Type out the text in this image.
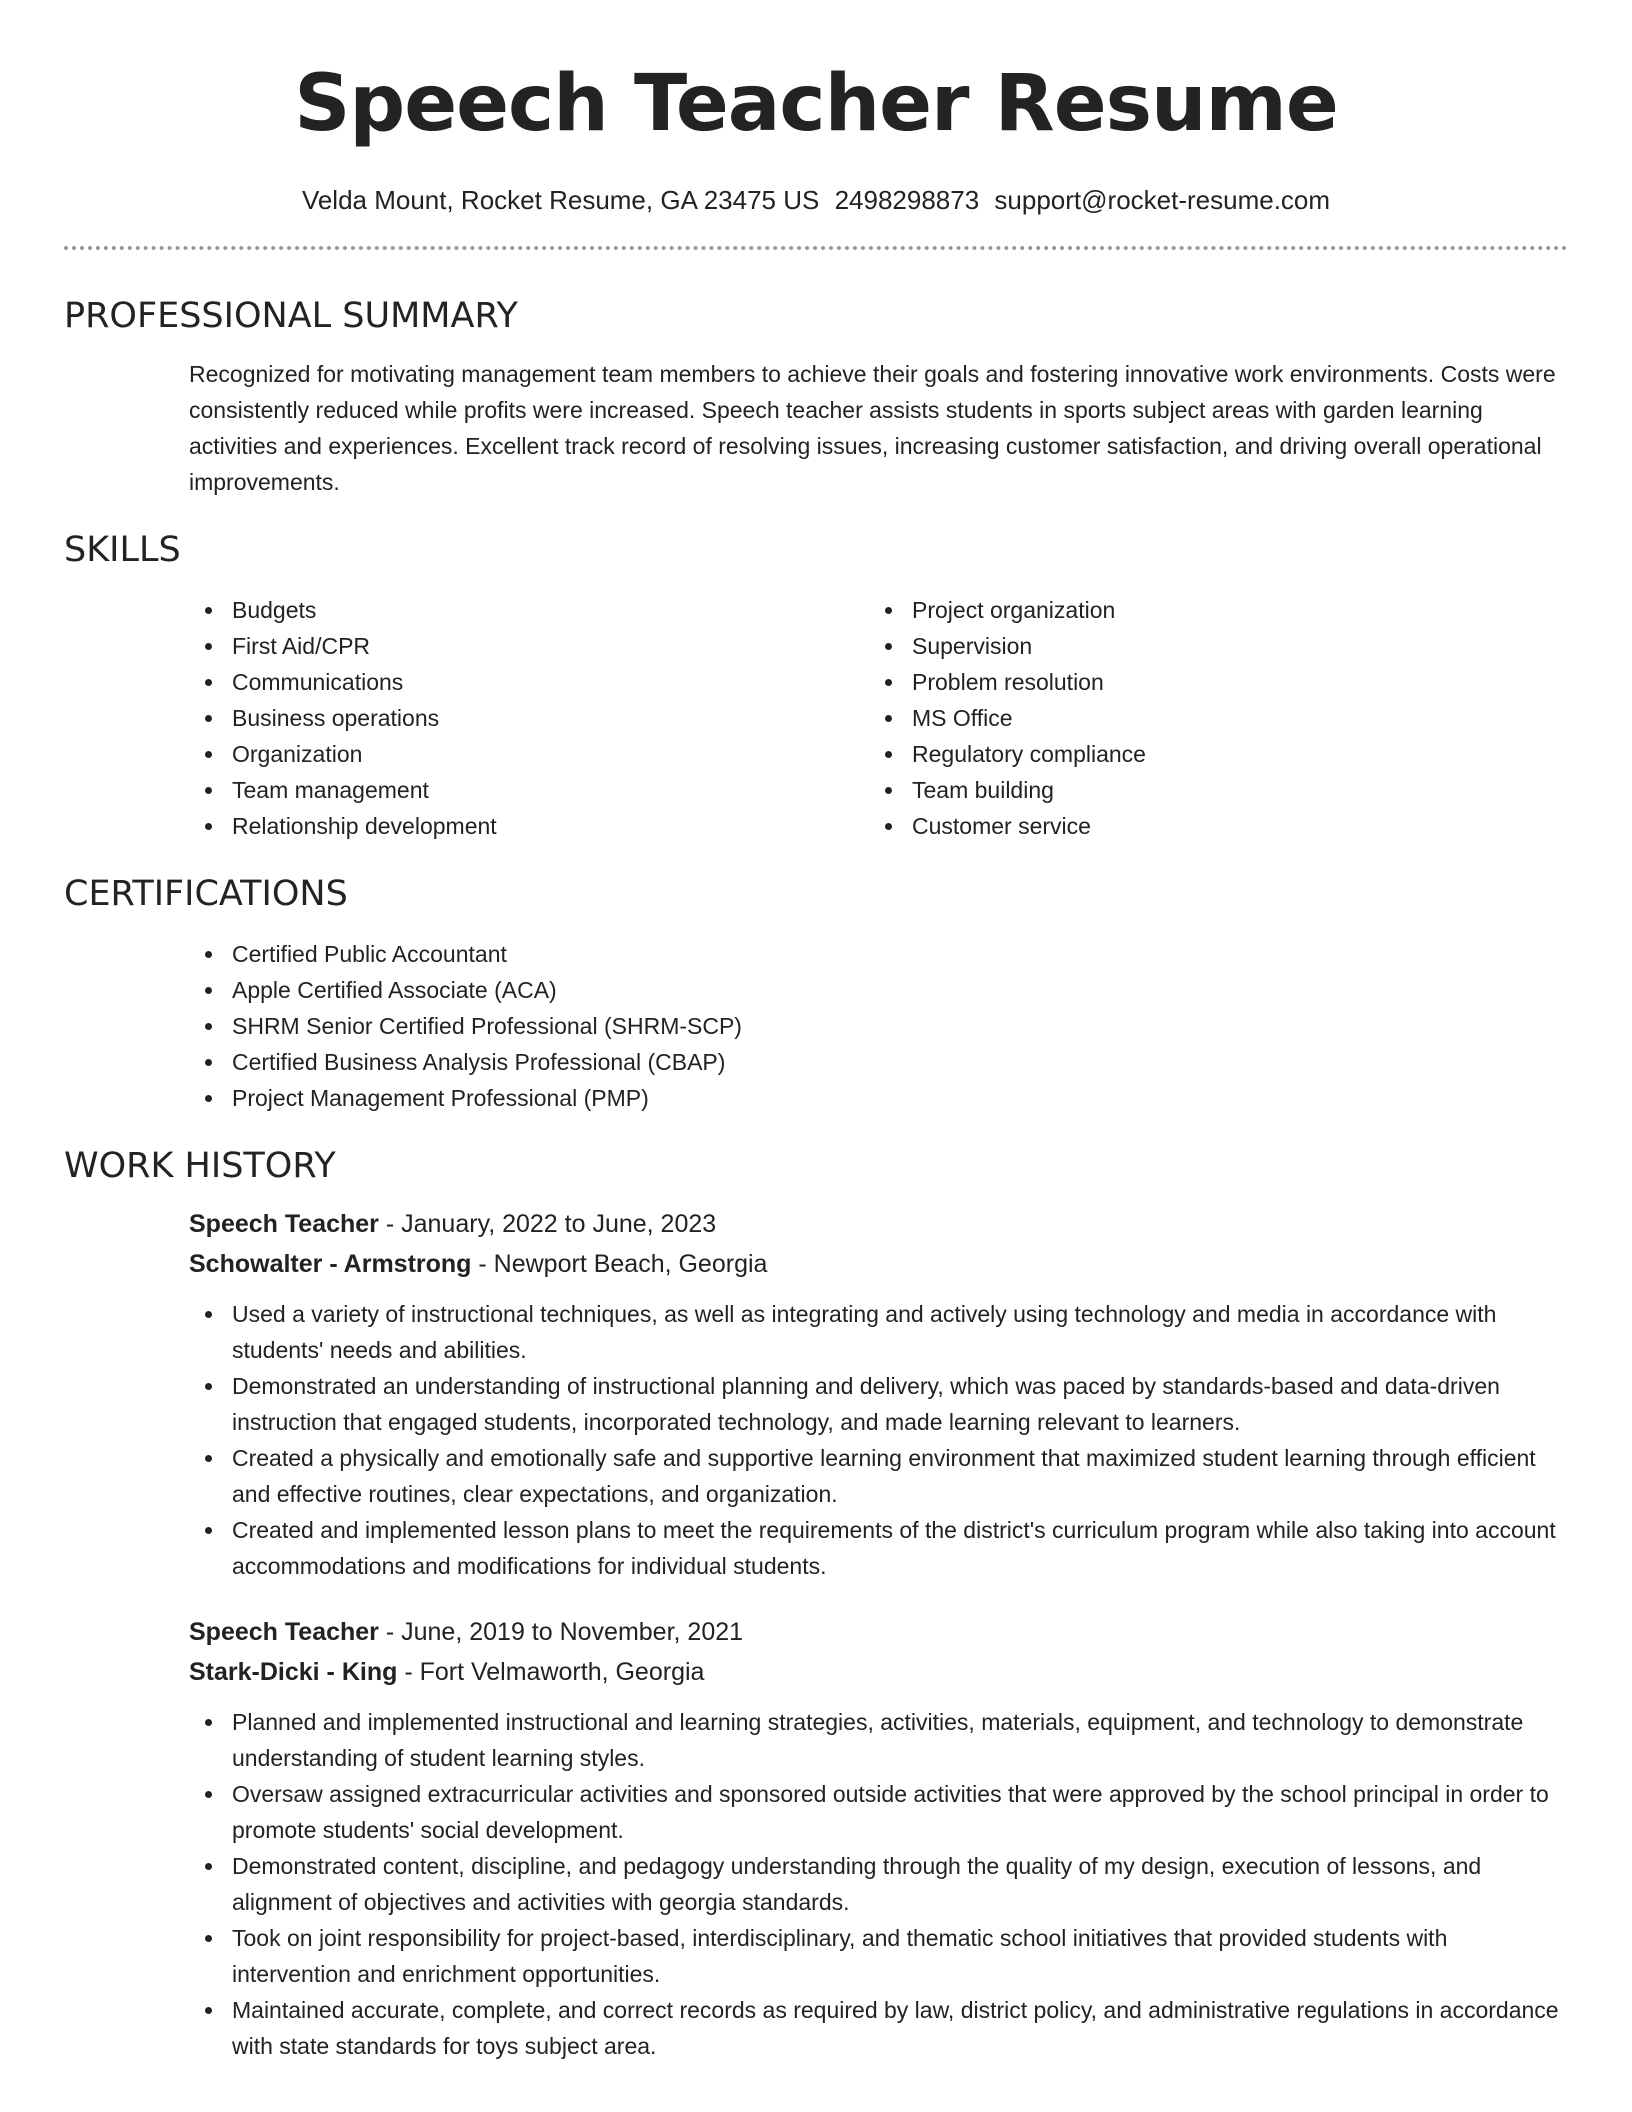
Speech Teacher Resume
Velda Mount, Rocket Resume, GA 23475 US 2498298873 support@rocket-resume.com
PROFESSIONAL SUMMARY
Recognized for motivating management team members to achieve their goals and fostering innovative work environments. Costs were consistently reduced while profits were increased. Speech teacher assists students in sports subject areas with garden learning activities and experiences. Excellent track record of resolving issues, increasing customer satisfaction, and driving overall operational improvements.
SKILLS
Budgets
First Aid/CPR
Communications
Business operations
Organization
Team management
Relationship development
Project organization
Supervision
Problem resolution
MS Office
Regulatory compliance
Team building
Customer service
CERTIFICATIONS
Certified Public Accountant
Apple Certified Associate (ACA)
SHRM Senior Certified Professional (SHRM-SCP)
Certified Business Analysis Professional (CBAP)
Project Management Professional (PMP)
WORK HISTORY
Speech Teacher - January, 2022 to June, 2023
Schowalter - Armstrong - Newport Beach, Georgia
Used a variety of instructional techniques, as well as integrating and actively using technology and media in accordance with students' needs and abilities.
Demonstrated an understanding of instructional planning and delivery, which was paced by standards-based and data-driven instruction that engaged students, incorporated technology, and made learning relevant to learners.
Created a physically and emotionally safe and supportive learning environment that maximized student learning through efficient and effective routines, clear expectations, and organization.
Created and implemented lesson plans to meet the requirements of the district's curriculum program while also taking into account accommodations and modifications for individual students.
Speech Teacher - June, 2019 to November, 2021
Stark-Dicki - King - Fort Velmaworth, Georgia
Planned and implemented instructional and learning strategies, activities, materials, equipment, and technology to demonstrate understanding of student learning styles.
Oversaw assigned extracurricular activities and sponsored outside activities that were approved by the school principal in order to promote students' social development.
Demonstrated content, discipline, and pedagogy understanding through the quality of my design, execution of lessons, and alignment of objectives and activities with georgia standards.
Took on joint responsibility for project-based, interdisciplinary, and thematic school initiatives that provided students with intervention and enrichment opportunities.
Maintained accurate, complete, and correct records as required by law, district policy, and administrative regulations in accordance with state standards for toys subject area.
